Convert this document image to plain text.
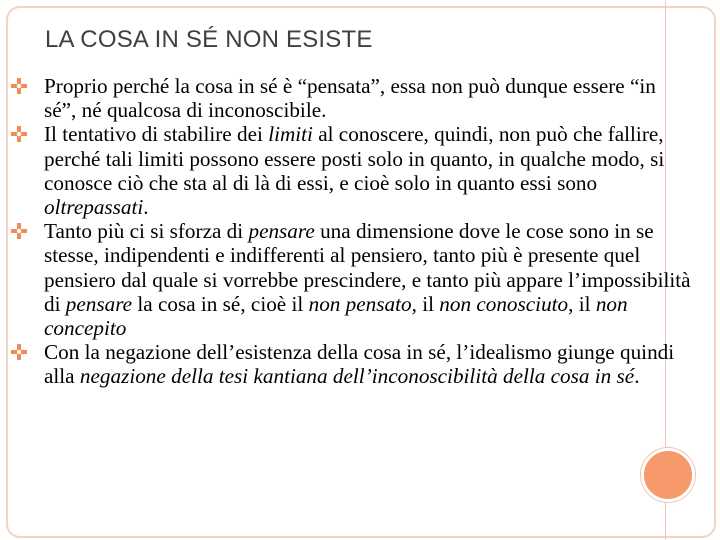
LA COSA IN SÉ NON ESISTE

Proprio perché la cosa in sé è “pensata”, essa non può dunque essere “in sé”, né qualcosa di inconoscibile.

Il tentativo di stabilire dei limiti al conoscere, quindi, non può che fallire, perché tali limiti possono essere posti solo in quanto, in qualche modo, si conosce ciò che sta al di là di essi, e cioè solo in quanto essi sono oltrepassati.

Tanto più ci si sforza di pensare una dimensione dove le cose sono in se stesse, indipendenti e indifferenti al pensiero, tanto più è presente quel pensiero dal quale si vorrebbe prescindere, e tanto più appare l’impossibilità di pensare la cosa in sé, cioè il non pensato, il non conosciuto, il non concepito

Con la negazione dell’esistenza della cosa in sé, l’idealismo giunge quindi alla negazione della tesi kantiana dell’inconoscibilità della cosa in sé.
